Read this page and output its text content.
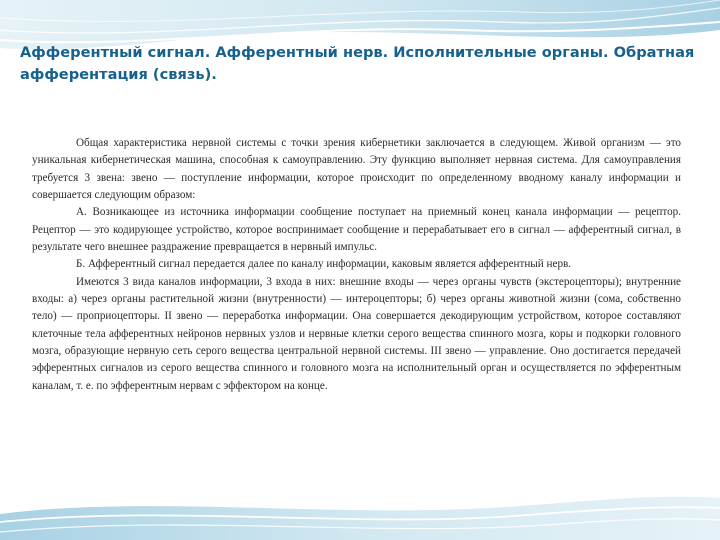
Афферентный сигнал. Афферентный нерв. Исполнительные органы. Обратная афферентация (связь).

Общая характеристика нервной системы с точки зрения кибернетики заключается в следующем. Живой организм — это уникальная кибернетическая машина, способная к самоуправлению. Эту функцию выполняет нервная система. Для самоуправления требуется 3 звена: звено — поступление информации, которое происходит по определенному вводному каналу информации и совершается следующим образом:

А. Возникающее из источника информации сообщение поступает на приемный конец канала информации — рецептор. Рецептор — это кодирующее устройство, которое воспринимает сообщение и перерабатывает его в сигнал — афферентный сигнал, в результате чего внешнее раздражение превращается в нервный импульс.

Б. Афферентный сигнал передается далее по каналу информации, каковым является афферентный нерв.

Имеются 3 вида каналов информации, 3 входа в них: внешние входы — через органы чувств (экстероцепторы); внутренние входы: а) через органы растительной жизни (внутренности) — интероцепторы; б) через органы животной жизни (сома, собственно тело) — проприоцепторы. II звено — переработка информации. Она совершается декодирующим устройством, которое составляют клеточные тела афферентных нейронов нервных узлов и нервные клетки серого вещества спинного мозга, коры и подкорки головного мозга, образующие нервную сеть серого вещества центральной нервной системы. III звено — управление. Оно достигается передачей эфферентных сигналов из серого вещества спинного и головного мозга на исполнительный орган и осуществляется по эфферентным каналам, т. е. по эфферентным нервам с эффектором на конце.
